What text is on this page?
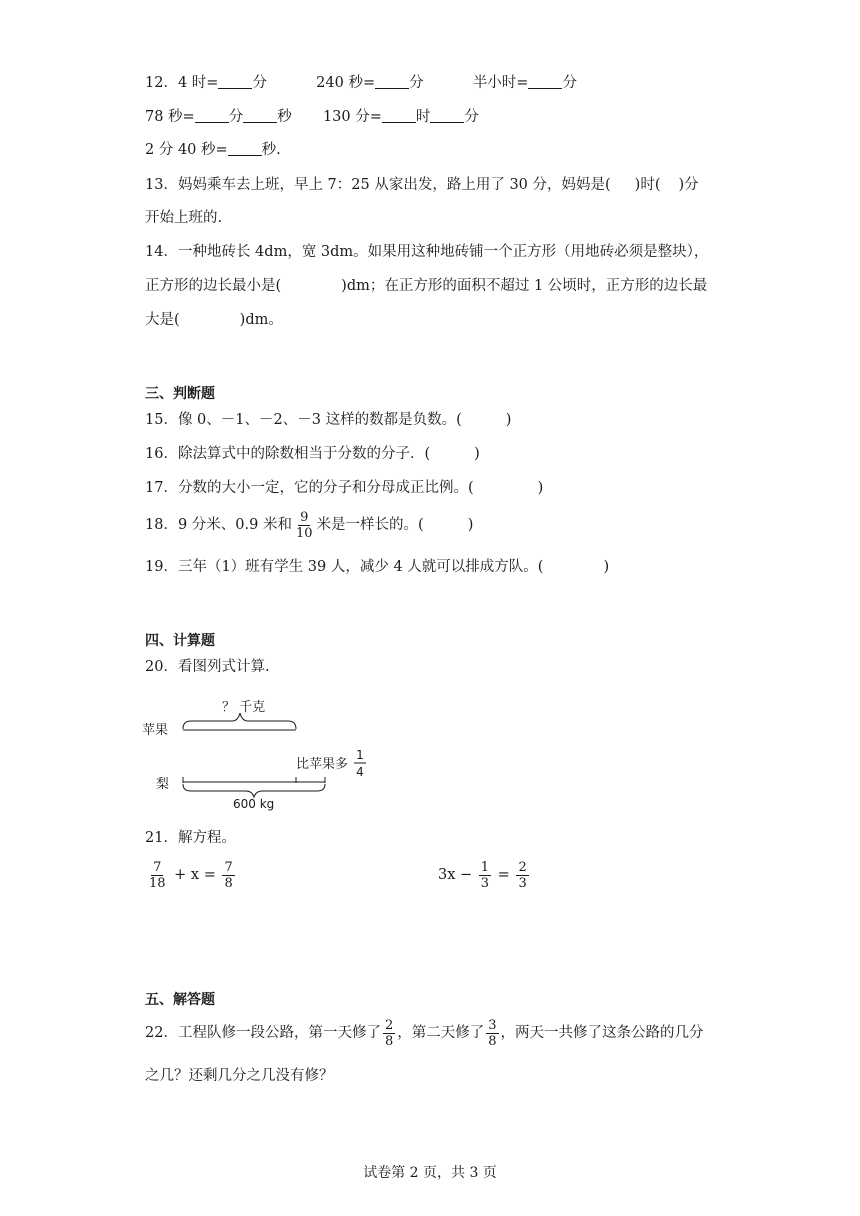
12．4 时= 分	240 秒= 分	半小时= 分
78 秒= 分 秒 130 分= 时 分
2 分 40 秒= 秒.
13．妈妈乘车去上班，早上 7：25 从家出发，路上用了 30 分，妈妈是( )时( )分
开始上班的.
14．一种地砖长 4dm，宽 3dm。如果用这种地砖铺一个正方形（用地砖必须是整块），
正方形的边长最小是(	)dm；在正方形的面积不超过 1 公顷时，正方形的边长最
大是(	)dm。
三、判断题
15．像 0、－1、－2、－3 这样的数都是负数。(	)
16．除法算式中的除数相当于分数的分子．(	)
17．分数的大小一定，它的分子和分母成正比例。(	)
18．9 分米、0.9 米和 $\frac{9}{10}$ 米是一样长的。(	)
19．三年（1）班有学生 39 人，减少 4 人就可以排成方队。(	)
四、计算题
20．看图列式计算.
苹果
？ 千克
梨
比苹果多
1
4
600 kg
21．解方程。
$\frac{7}{18} + x = \frac{7}{8}$	$3x - \frac{1}{3} = \frac{2}{3}$
五、解答题
22．工程队修一段公路，第一天修了 $\frac{2}{8}$ ，第二天修了 $\frac{3}{8}$ ，两天一共修了这条公路的几分
之几？还剩几分之几没有修？
试卷第 2 页，共 3 页
